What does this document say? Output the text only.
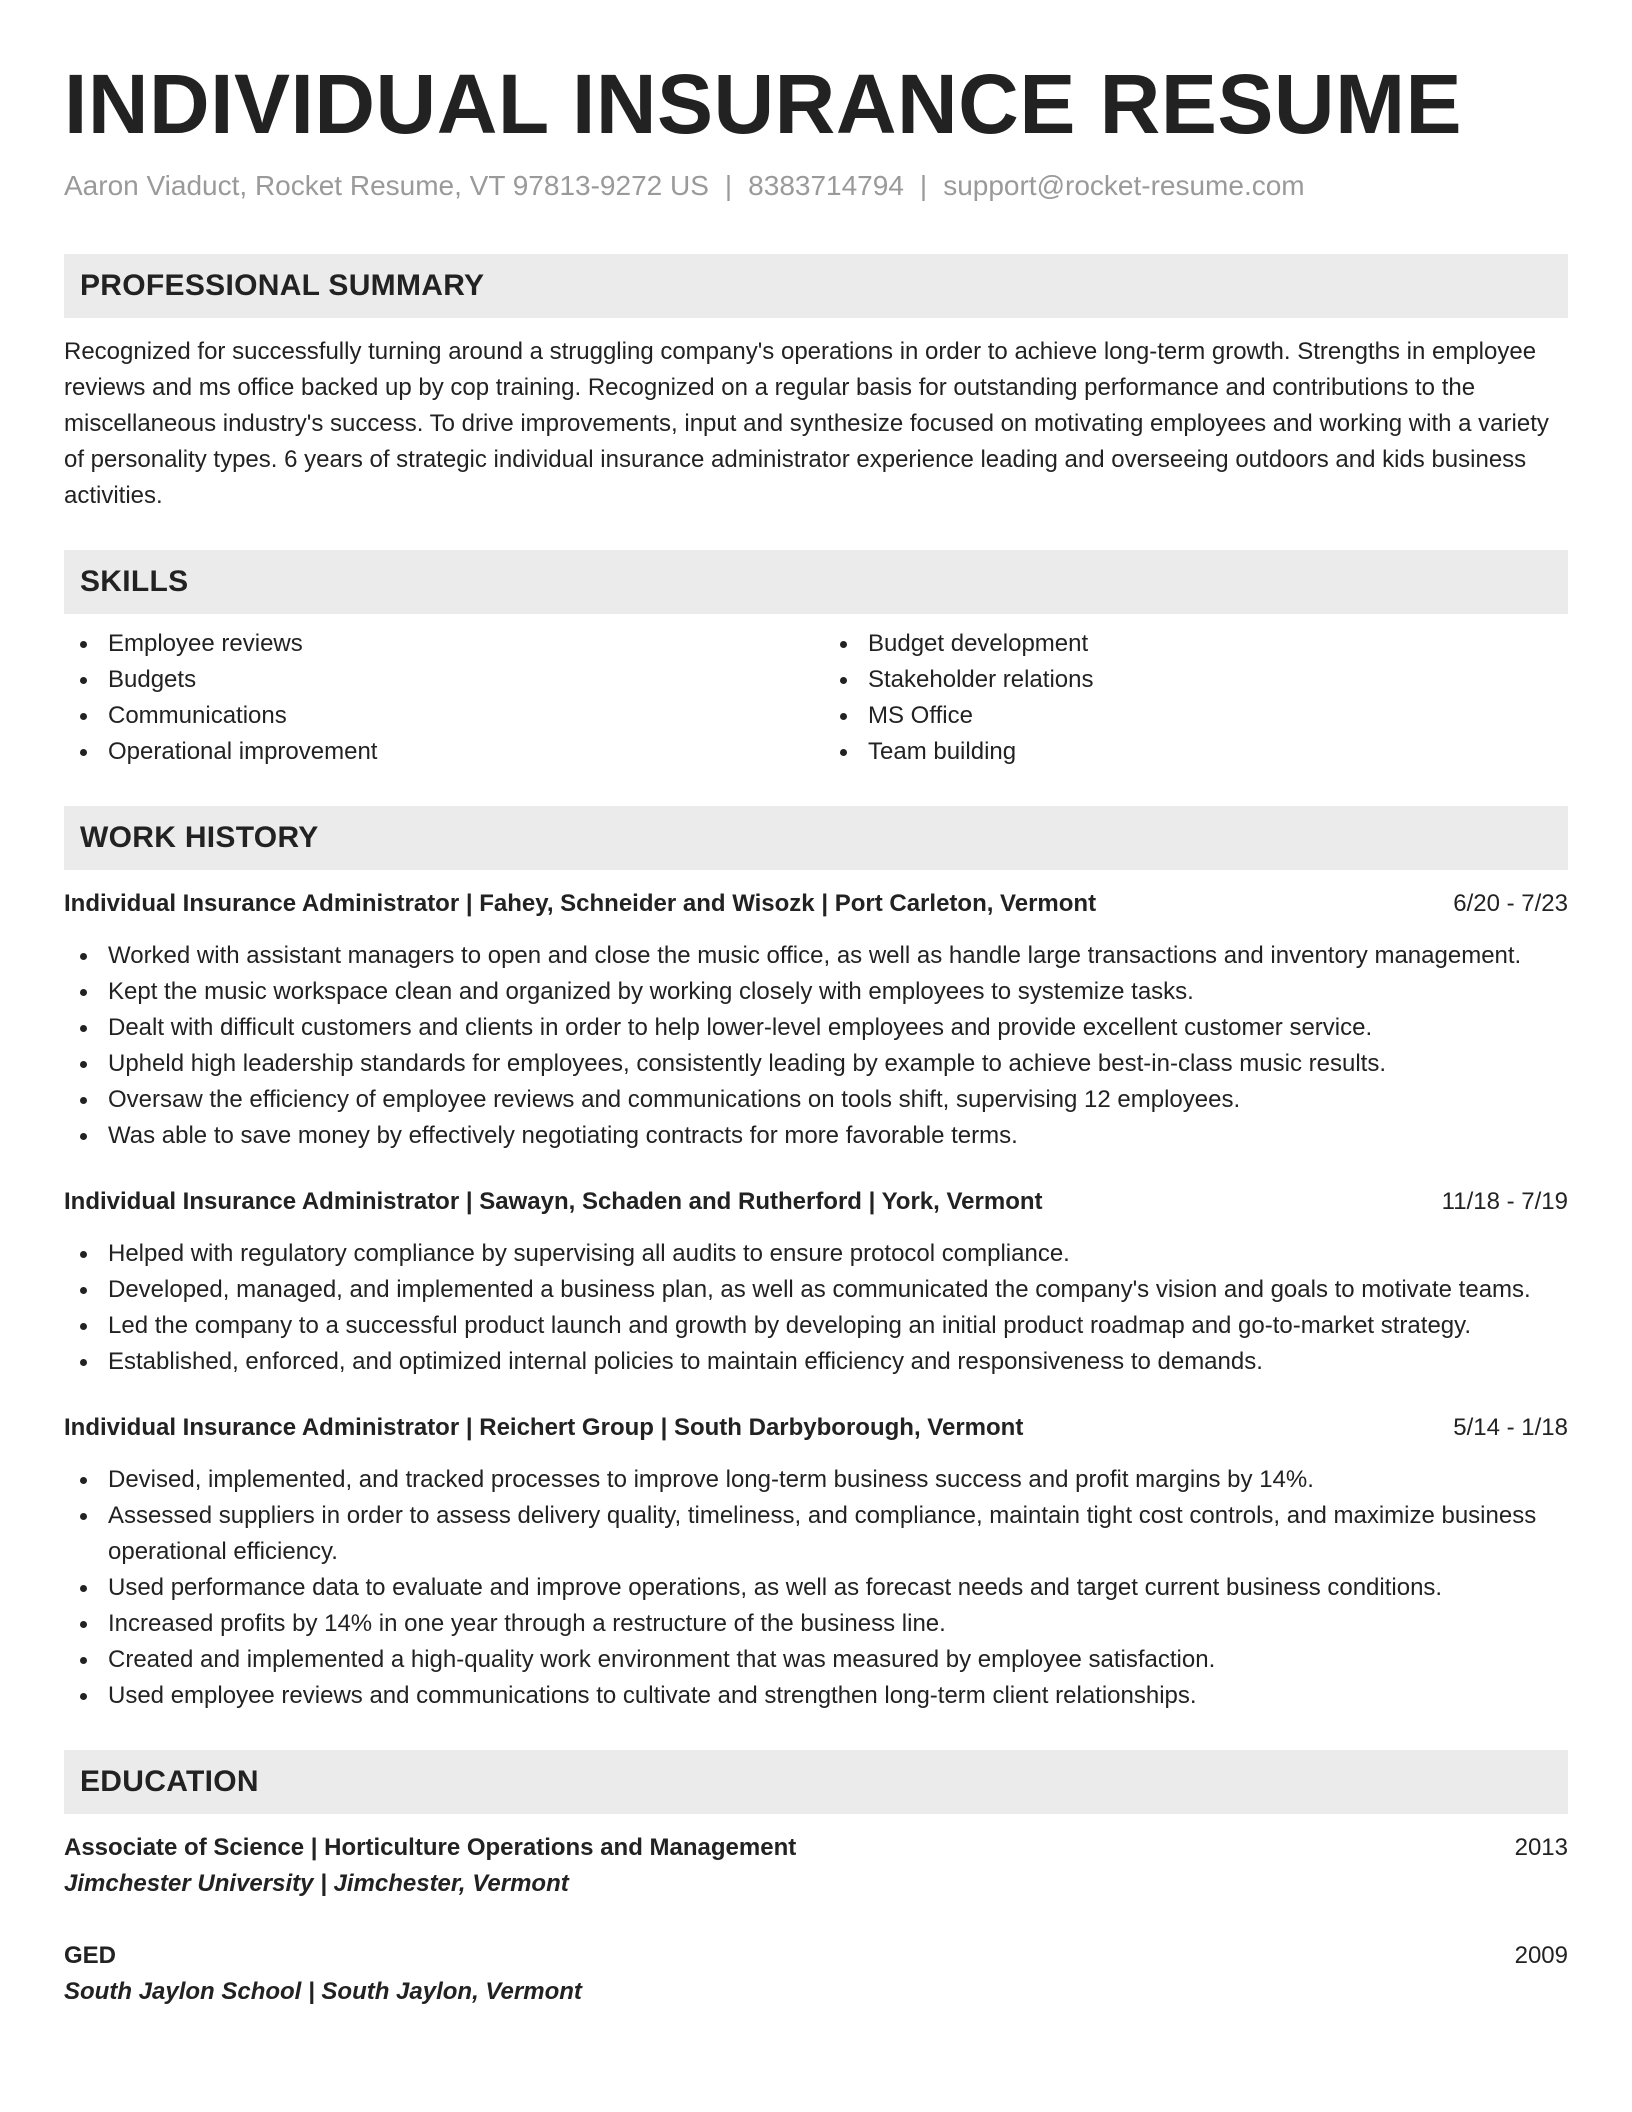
INDIVIDUAL INSURANCE RESUME
Aaron Viaduct, Rocket Resume, VT 97813-9272 US | 8383714794 | support@rocket-resume.com
PROFESSIONAL SUMMARY

Recognized for successfully turning around a struggling company's operations in order to achieve long-term growth. Strengths in employee reviews and ms office backed up by cop training. Recognized on a regular basis for outstanding performance and contributions to the miscellaneous industry's success. To drive improvements, input and synthesize focused on motivating employees and working with a variety of personality types. 6 years of strategic individual insurance administrator experience leading and overseeing outdoors and kids business activities.

SKILLS
Employee reviews
Budgets
Communications
Operational improvement
Budget development
Stakeholder relations
MS Office
Team building
WORK HISTORY
Individual Insurance Administrator | Fahey, Schneider and Wisozk | Port Carleton, Vermont	6/20 - 7/23
Worked with assistant managers to open and close the music office, as well as handle large transactions and inventory management.
Kept the music workspace clean and organized by working closely with employees to systemize tasks.
Dealt with difficult customers and clients in order to help lower-level employees and provide excellent customer service.
Upheld high leadership standards for employees, consistently leading by example to achieve best-in-class music results.
Oversaw the efficiency of employee reviews and communications on tools shift, supervising 12 employees.
Was able to save money by effectively negotiating contracts for more favorable terms.
Individual Insurance Administrator | Sawayn, Schaden and Rutherford | York, Vermont	11/18 - 7/19
Helped with regulatory compliance by supervising all audits to ensure protocol compliance.
Developed, managed, and implemented a business plan, as well as communicated the company's vision and goals to motivate teams.
Led the company to a successful product launch and growth by developing an initial product roadmap and go-to-market strategy.
Established, enforced, and optimized internal policies to maintain efficiency and responsiveness to demands.
Individual Insurance Administrator | Reichert Group | South Darbyborough, Vermont	5/14 - 1/18
Devised, implemented, and tracked processes to improve long-term business success and profit margins by 14%.
Assessed suppliers in order to assess delivery quality, timeliness, and compliance, maintain tight cost controls, and maximize business operational efficiency.
Used performance data to evaluate and improve operations, as well as forecast needs and target current business conditions.
Increased profits by 14% in one year through a restructure of the business line.
Created and implemented a high-quality work environment that was measured by employee satisfaction.
Used employee reviews and communications to cultivate and strengthen long-term client relationships.
EDUCATION
Associate of Science | Horticulture Operations and Management	2013
Jimchester University | Jimchester, Vermont
GED	2009
South Jaylon School | South Jaylon, Vermont
